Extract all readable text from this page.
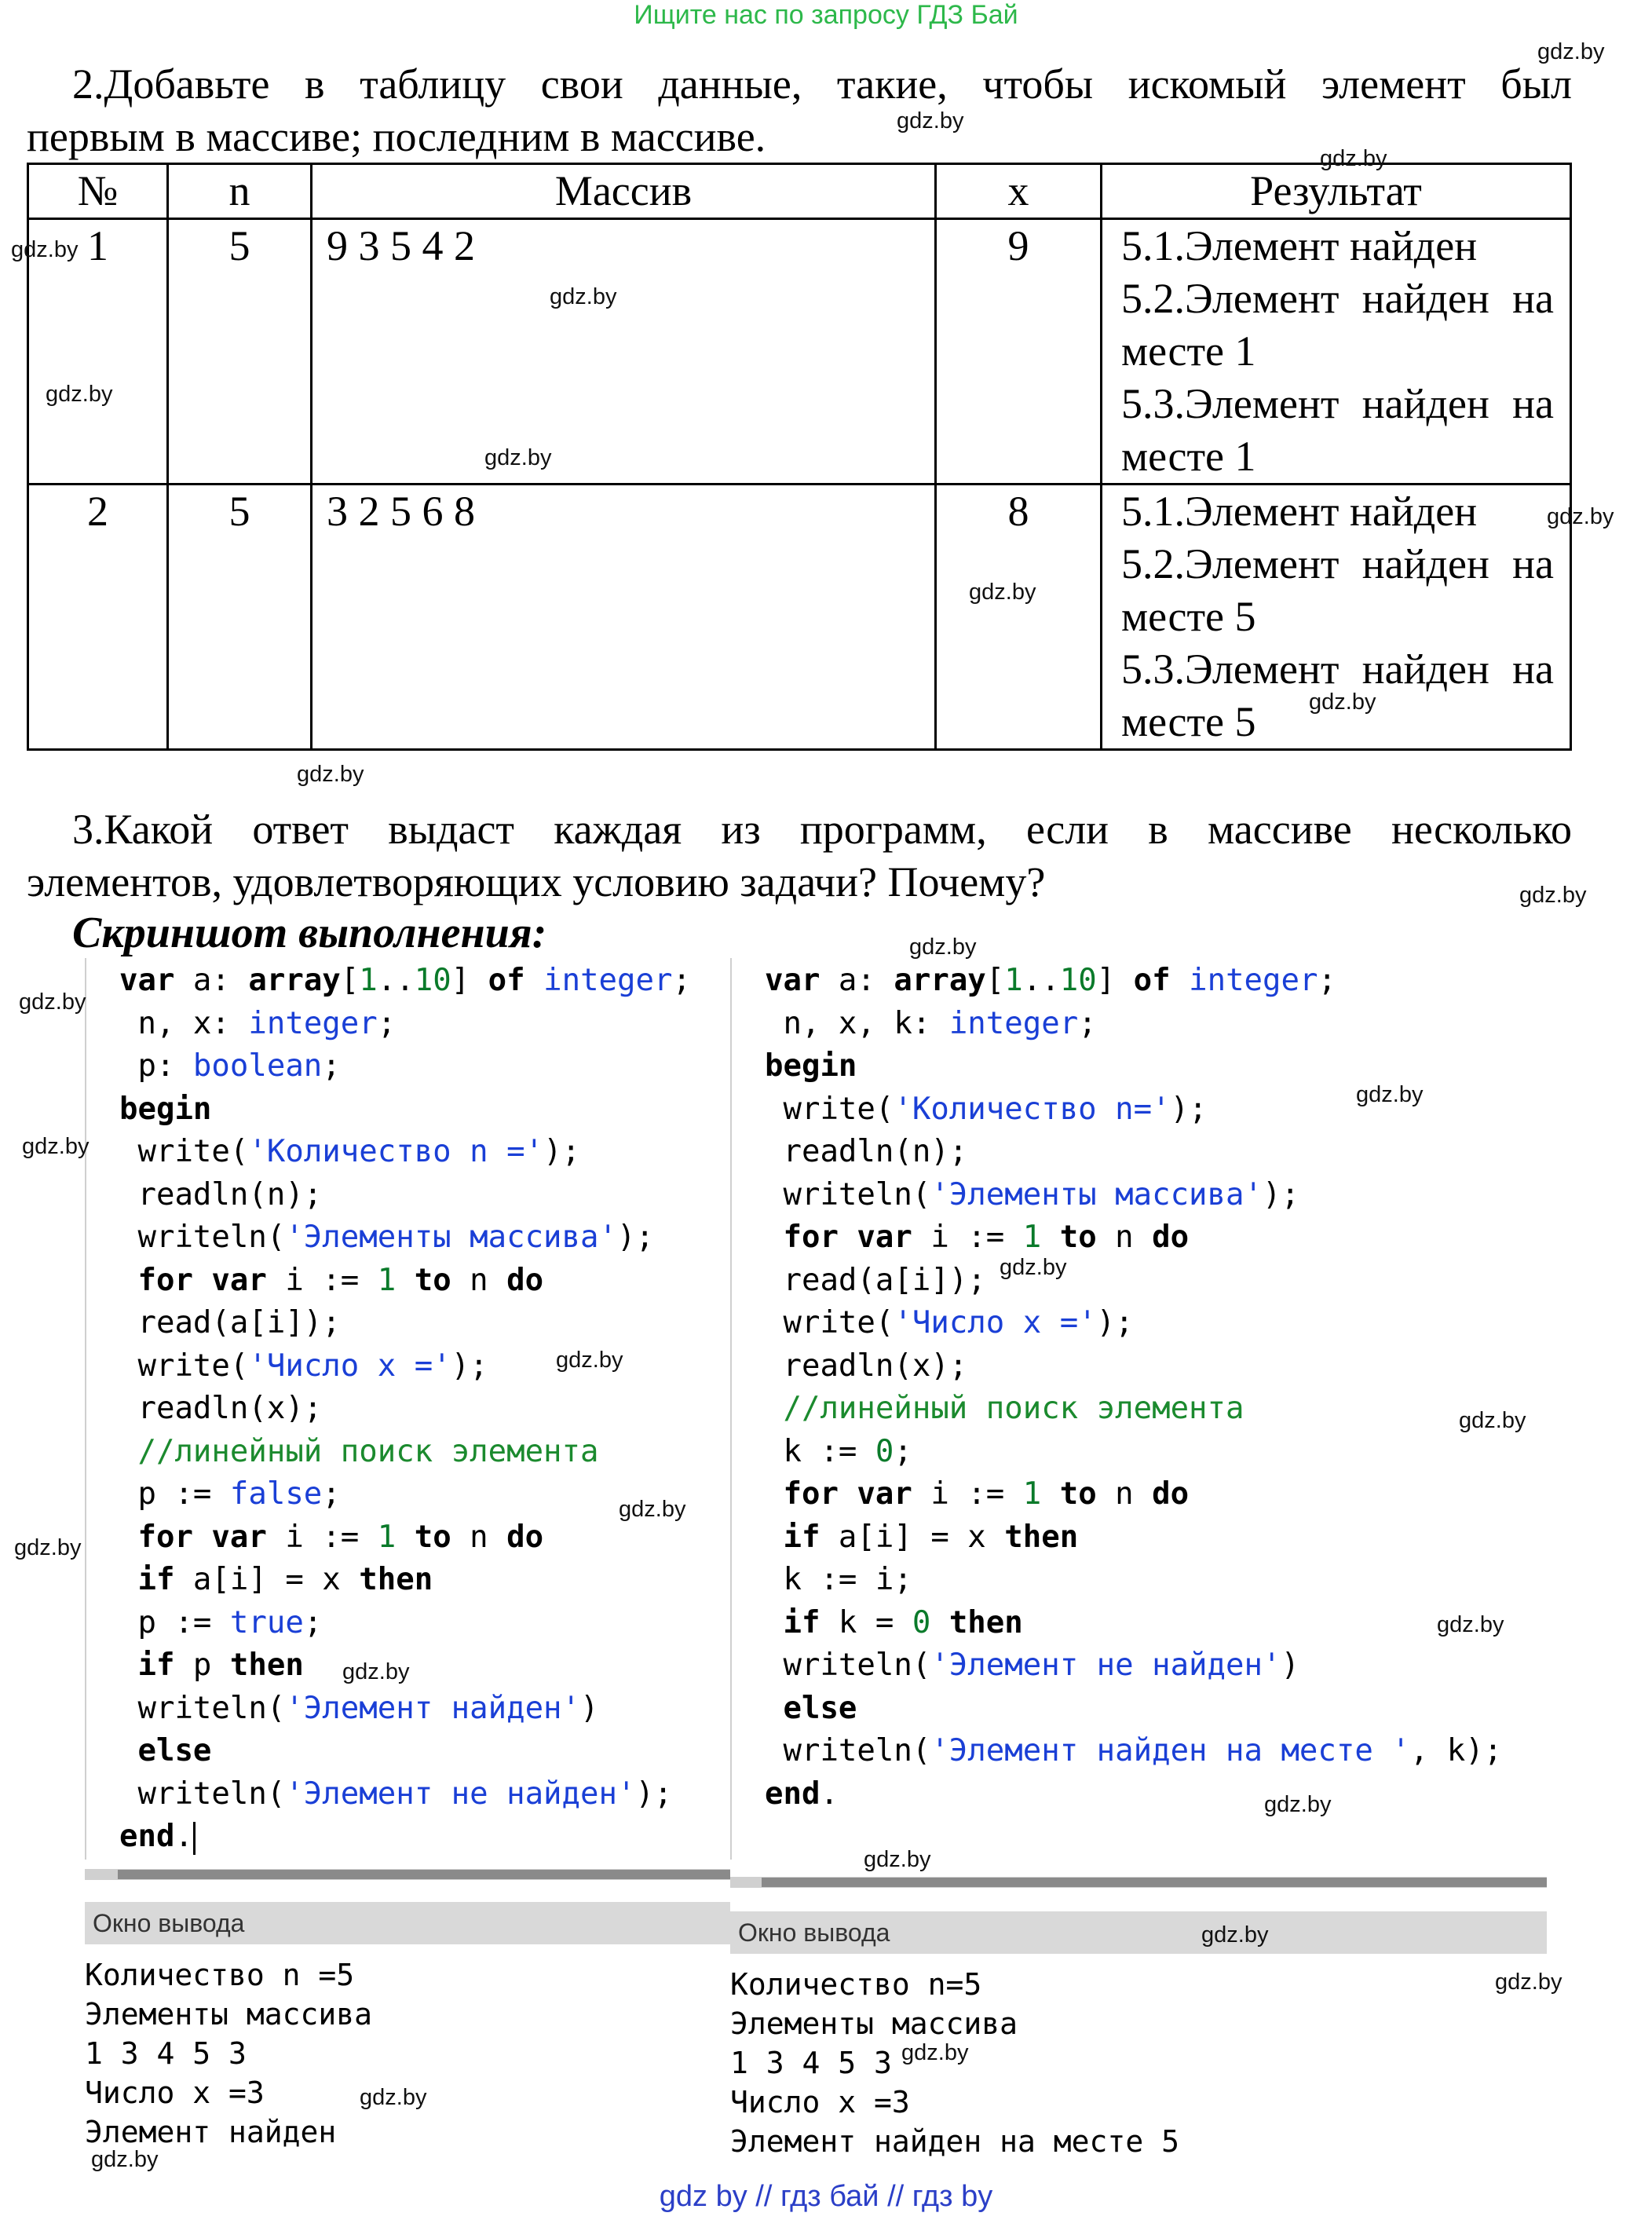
Ищите нас по запросу ГДЗ Бай
2.Добавьте в таблицу свои данные, такие, чтобы искомый элемент был
первым в массиве; последним в массиве.
№	n	Массив	x	Результат
1	5	9 3 5 4 2	9	5.1.Элемент найден
5.2.Элемент найден на
месте 1
5.3.Элемент найден на
месте 1

2	5	3 2 5 6 8	8	5.1.Элемент найден
5.2.Элемент найден на
месте 5
5.3.Элемент найден на
месте 5
3.Какой ответ выдаст каждая из программ, если в массиве несколько
элементов, удовлетворяющих условию задачи? Почему?
Скриншот выполнения:
var a: array[1..10] of integer;
n, x: integer;
p: boolean;
begin
write('Количество n =');
readln(n);
writeln('Элементы массива');
for var i := 1 to n do
read(a[i]);
write('Число x =');
readln(x);
//линейный поиск элемента
p := false;
for var i := 1 to n do
if a[i] = x then
p := true;
if p then
writeln('Элемент найден')
else
writeln('Элемент не найден');
end.
Окно вывода
Количество n =5
Элементы массива
1 3 4 5 3
Число x =3
Элемент найден
var a: array[1..10] of integer;
n, x, k: integer;
begin
write('Количество n=');
readln(n);
writeln('Элементы массива');
for var i := 1 to n do
read(a[i]);
write('Число x =');
readln(x);
//линейный поиск элемента
k := 0;
for var i := 1 to n do
if a[i] = x then
k := i;
if k = 0 then
writeln('Элемент не найден')
else
writeln('Элемент найден на месте ', k);
end.
Окно вывода
Количество n=5
Элементы массива
1 3 4 5 3
Число x =3
Элемент найден на месте 5
gdz.by
gdz.by
gdz.by
gdz.by
gdz.by
gdz.by
gdz.by
gdz.by
gdz.by
gdz.by
gdz.by
gdz.by
gdz.by
gdz.by
gdz.by
gdz.by
gdz.by
gdz.by
gdz.by
gdz.by
gdz.by
gdz.by
gdz.by
gdz.by
gdz.by
gdz.by
gdz.by
gdz.by
gdz.by
gdz.by
gdz by // гдз бай // гдз by
